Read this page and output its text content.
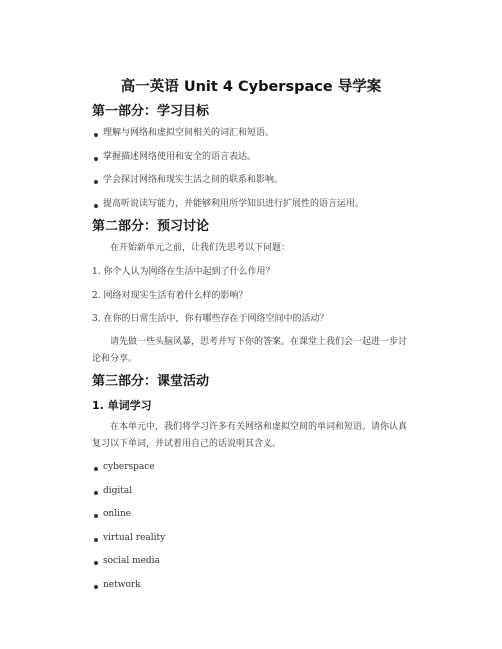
高一英语 Unit 4 Cyberspace 导学案
第一部分：学习目标
理解与网络和虚拟空间相关的词汇和短语。
掌握描述网络使用和安全的语言表达。
学会探讨网络和现实生活之间的联系和影响。
提高听说读写能力，并能够利用所学知识进行扩展性的语言运用。
第二部分：预习讨论
在开始新单元之前，让我们先思考以下问题：
1. 你个人认为网络在生活中起到了什么作用？
2. 网络对现实生活有着什么样的影响？
3. 在你的日常生活中，你有哪些存在于网络空间中的活动？
请先做一些头脑风暴，思考并写下你的答案。在课堂上我们会一起进一步讨论和分享。
第三部分：课堂活动
1. 单词学习
在本单元中，我们将学习许多有关网络和虚拟空间的单词和短语。请你认真复习以下单词，并试着用自己的话说明其含义。
cyberspace
digital
online
virtual reality
social media
network
